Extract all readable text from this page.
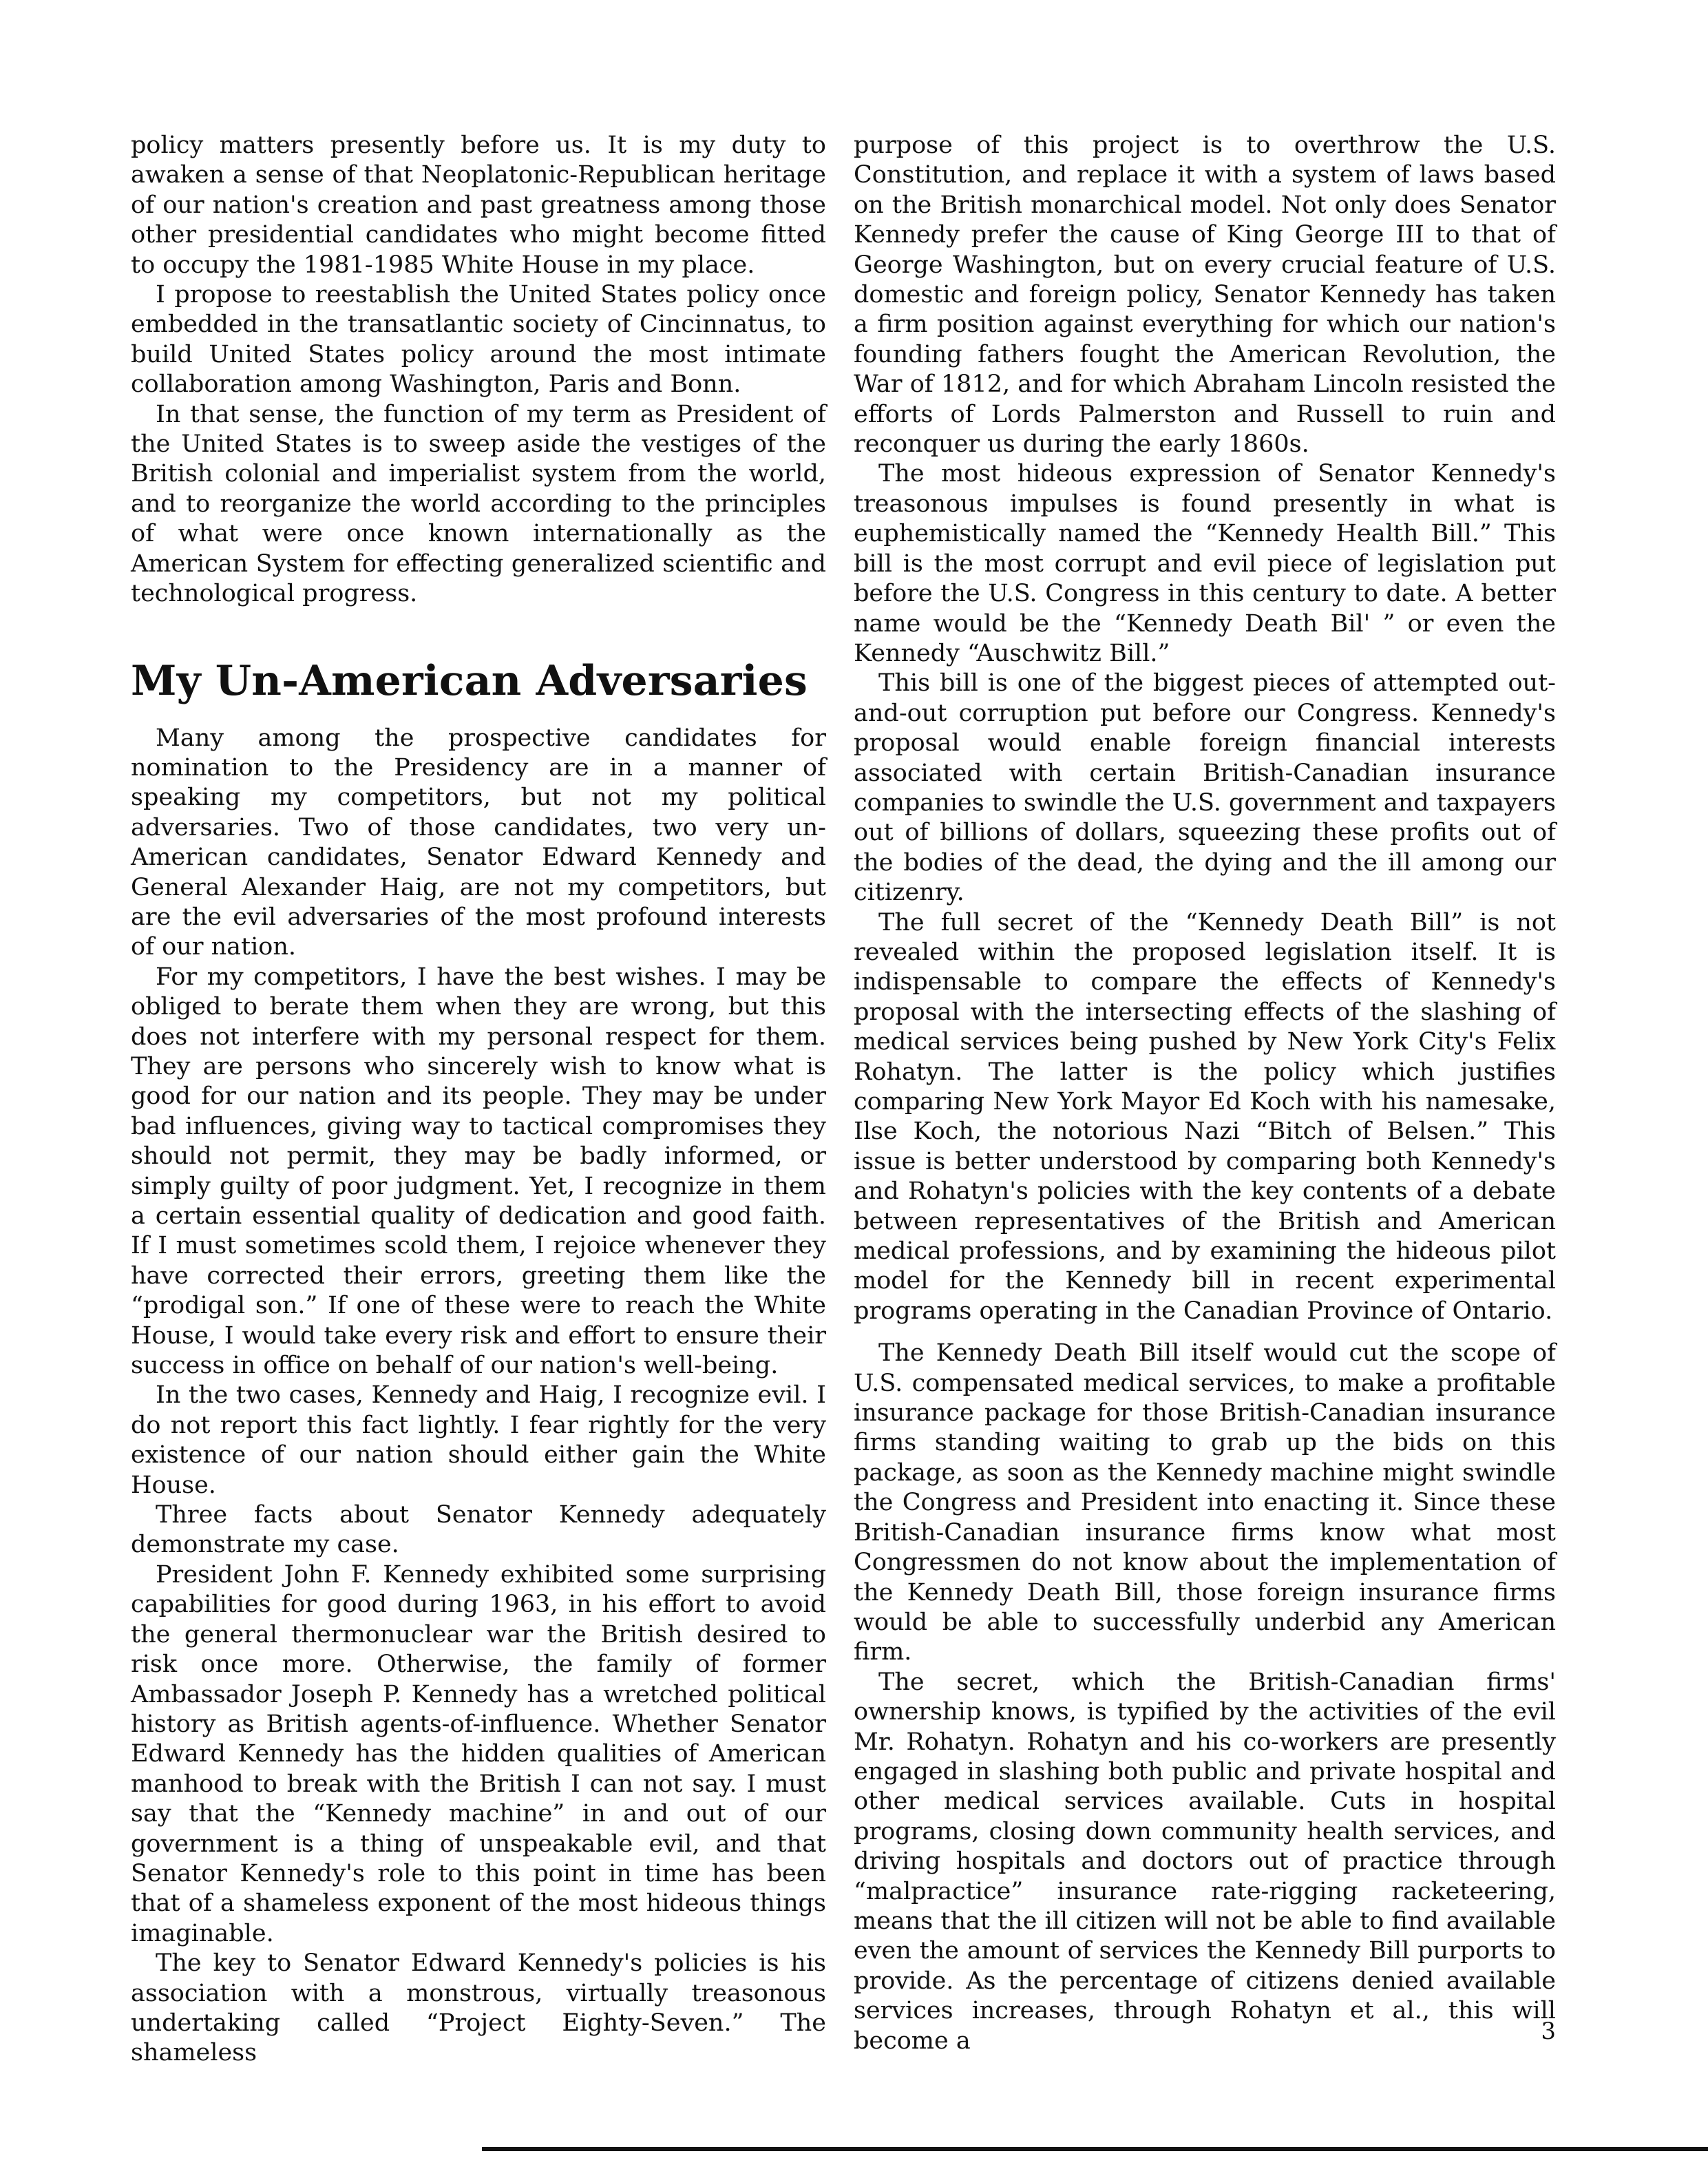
policy matters presently before us. It is my duty to awaken a sense of that Neoplatonic-Republican heritage of our nation's creation and past greatness among those other presidential candidates who might become fitted to occupy the 1981-1985 White House in my place.

I propose to reestablish the United States policy once embedded in the transatlantic society of Cincinnatus, to build United States policy around the most intimate collaboration among Washington, Paris and Bonn.

In that sense, the function of my term as President of the United States is to sweep aside the vestiges of the British colonial and imperialist system from the world, and to reorganize the world according to the principles of what were once known internationally as the American System for effecting generalized scientific and technological progress.

My Un-American Adversaries

Many among the prospective candidates for nomination to the Presidency are in a manner of speaking my competitors, but not my political adversaries. Two of those candidates, two very un-American candidates, Senator Edward Kennedy and General Alexander Haig, are not my competitors, but are the evil adversaries of the most profound interests of our nation.

For my competitors, I have the best wishes. I may be obliged to berate them when they are wrong, but this does not interfere with my personal respect for them. They are persons who sincerely wish to know what is good for our nation and its people. They may be under bad influences, giving way to tactical compromises they should not permit, they may be badly informed, or simply guilty of poor judgment. Yet, I recognize in them a certain essential quality of dedication and good faith. If I must sometimes scold them, I rejoice whenever they have corrected their errors, greeting them like the “prodigal son.” If one of these were to reach the White House, I would take every risk and effort to ensure their success in office on behalf of our nation's well-being.

In the two cases, Kennedy and Haig, I recognize evil. I do not report this fact lightly. I fear rightly for the very existence of our nation should either gain the White House.

Three facts about Senator Kennedy adequately demonstrate my case.

President John F. Kennedy exhibited some surprising capabilities for good during 1963, in his effort to avoid the general thermonuclear war the British desired to risk once more. Otherwise, the family of former Ambassador Joseph P. Kennedy has a wretched political history as British agents-of-influence. Whether Senator Edward Kennedy has the hidden qualities of American manhood to break with the British I can not say. I must say that the “Kennedy machine” in and out of our government is a thing of unspeakable evil, and that Senator Kennedy's role to this point in time has been that of a shameless exponent of the most hideous things imaginable.

The key to Senator Edward Kennedy's policies is his association with a monstrous, virtually treasonous undertaking called “Project Eighty-Seven.” The shameless

purpose of this project is to overthrow the U.S. Constitution, and replace it with a system of laws based on the British monarchical model. Not only does Senator Kennedy prefer the cause of King George III to that of George Washington, but on every crucial feature of U.S. domestic and foreign policy, Senator Kennedy has taken a firm position against everything for which our nation's founding fathers fought the American Revolution, the War of 1812, and for which Abraham Lincoln resisted the efforts of Lords Palmerston and Russell to ruin and reconquer us during the early 1860s.

The most hideous expression of Senator Kennedy's treasonous impulses is found presently in what is euphemistically named the “Kennedy Health Bill.” This bill is the most corrupt and evil piece of legislation put before the U.S. Congress in this century to date. A better name would be the “Kennedy Death Bil' ” or even the Kennedy “Auschwitz Bill.”

This bill is one of the biggest pieces of attempted out-and-out corruption put before our Congress. Kennedy's proposal would enable foreign financial interests associated with certain British-Canadian insurance companies to swindle the U.S. government and taxpayers out of billions of dollars, squeezing these profits out of the bodies of the dead, the dying and the ill among our citizenry.

The full secret of the “Kennedy Death Bill” is not revealed within the proposed legislation itself. It is indispensable to compare the effects of Kennedy's proposal with the intersecting effects of the slashing of medical services being pushed by New York City's Felix Rohatyn. The latter is the policy which justifies comparing New York Mayor Ed Koch with his namesake, Ilse Koch, the notorious Nazi “Bitch of Belsen.” This issue is better understood by comparing both Kennedy's and Rohatyn's policies with the key contents of a debate between representatives of the British and American medical professions, and by examining the hideous pilot model for the Kennedy bill in recent experimental programs operating in the Canadian Province of Ontario.

The Kennedy Death Bill itself would cut the scope of U.S. compensated medical services, to make a profitable insurance package for those British-Canadian insurance firms standing waiting to grab up the bids on this package, as soon as the Kennedy machine might swindle the Congress and President into enacting it. Since these British-Canadian insurance firms know what most Congressmen do not know about the implementation of the Kennedy Death Bill, those foreign insurance firms would be able to successfully underbid any American firm.

The secret, which the British-Canadian firms' ownership knows, is typified by the activities of the evil Mr. Rohatyn. Rohatyn and his co-workers are presently engaged in slashing both public and private hospital and other medical services available. Cuts in hospital programs, closing down community health services, and driving hospitals and doctors out of practice through “malpractice” insurance rate-rigging racketeering, means that the ill citizen will not be able to find available even the amount of services the Kennedy Bill purports to provide. As the percentage of citizens denied available services increases, through Rohatyn et al., this will become a	3
